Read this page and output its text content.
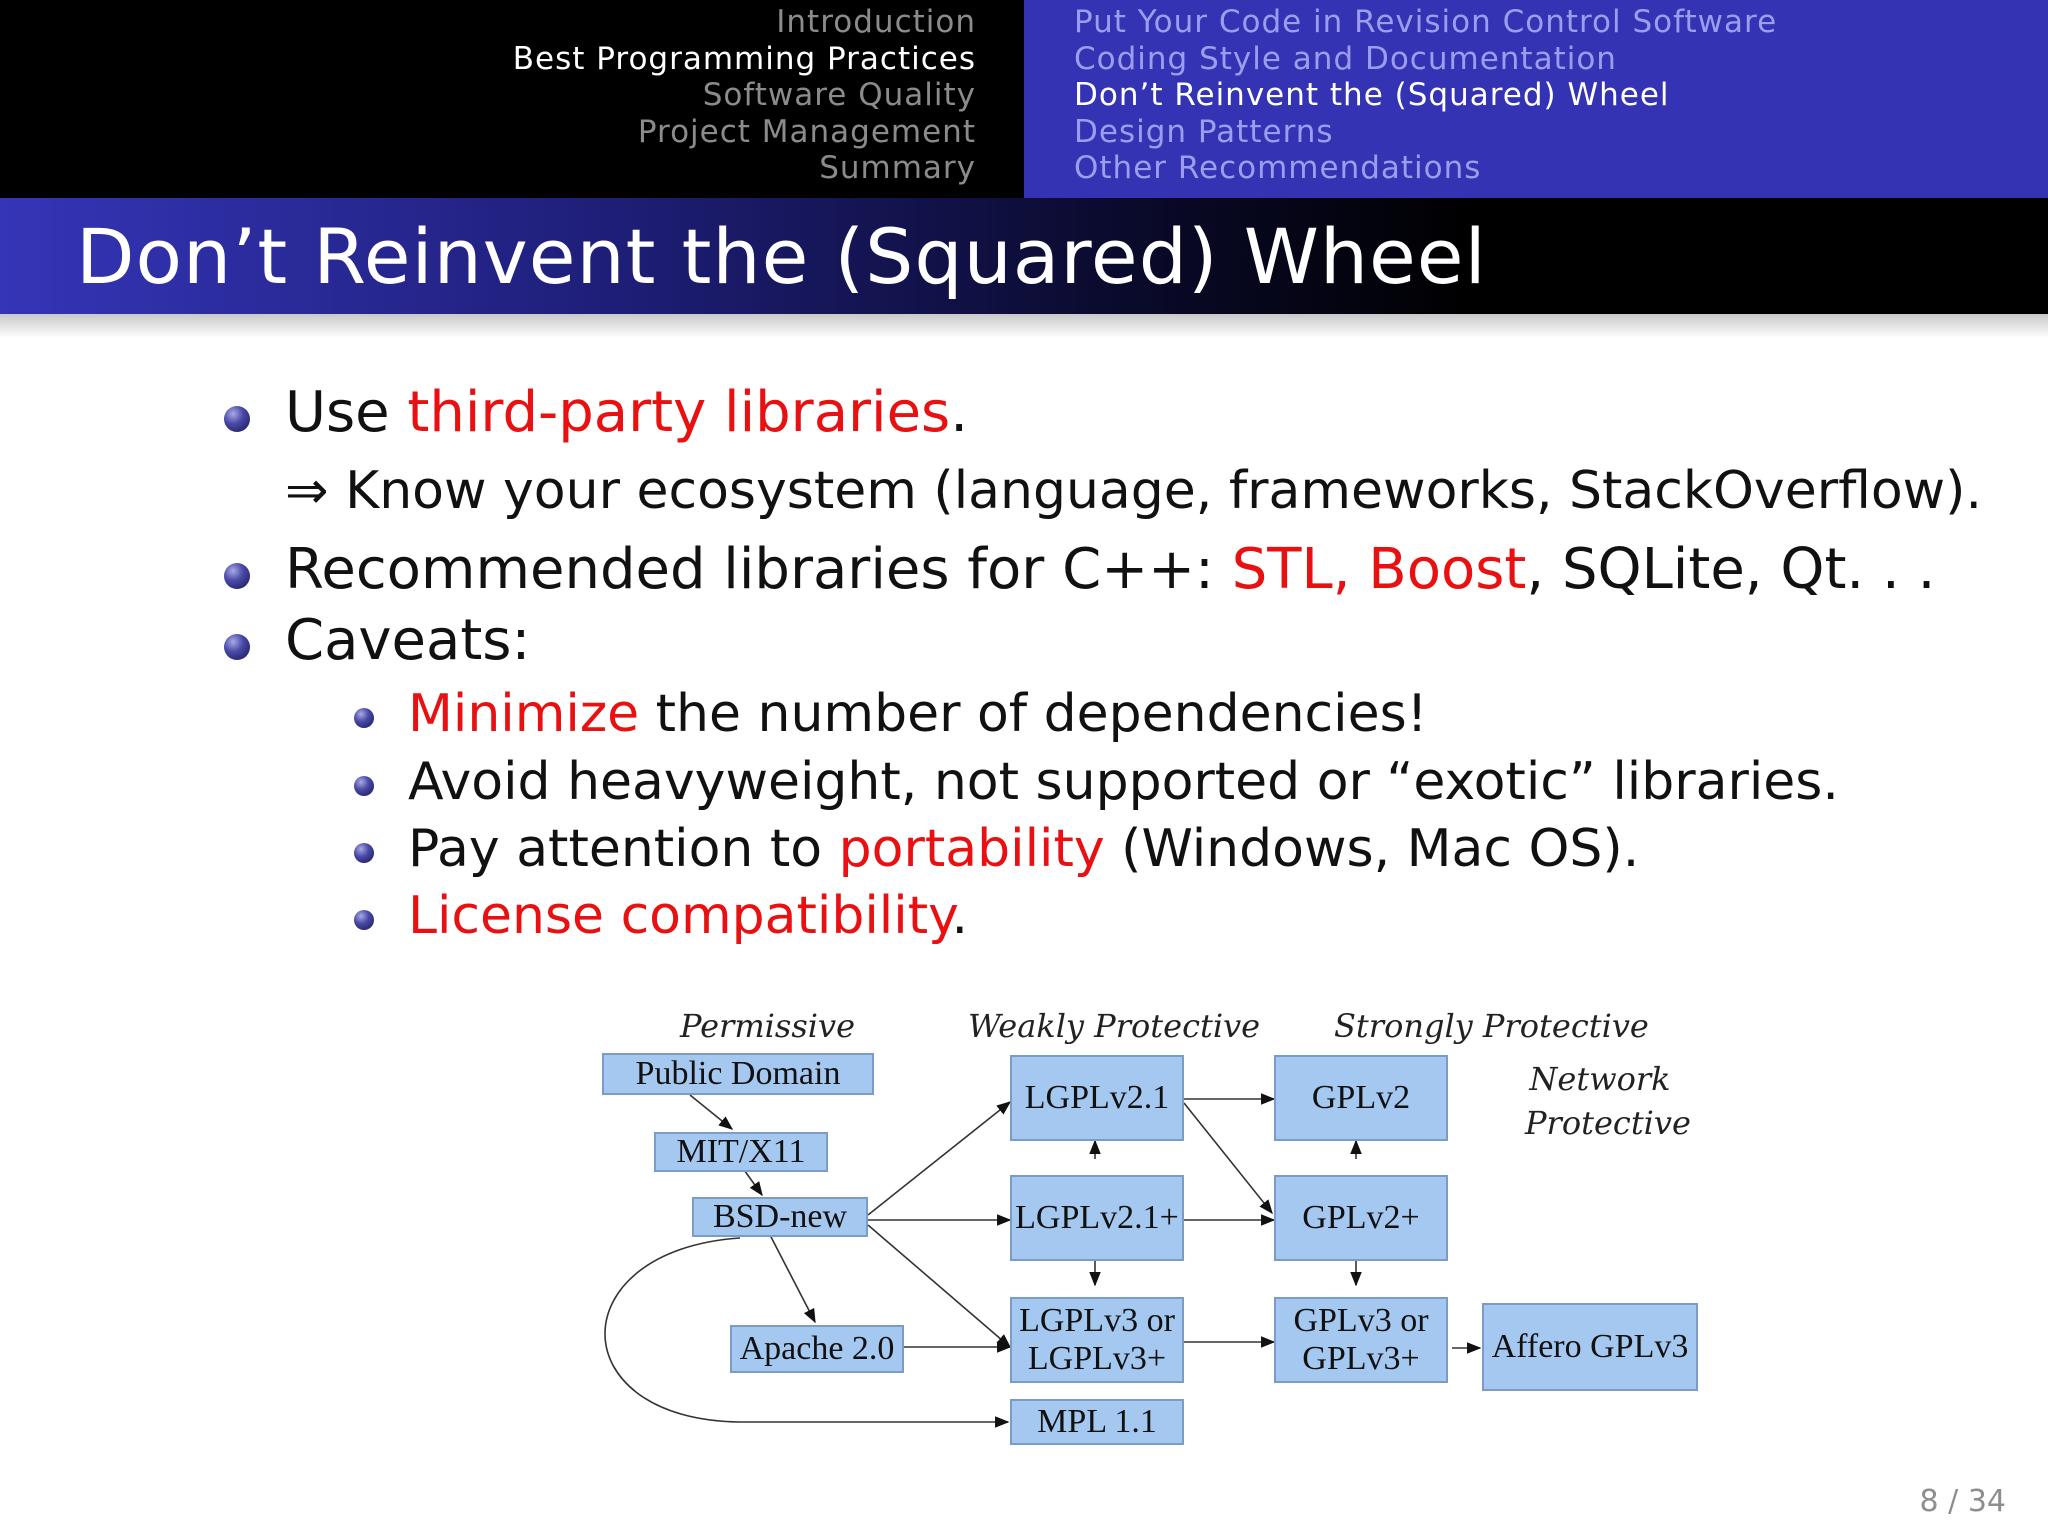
Introduction
Best Programming Practices
Software Quality
Project Management
Summary
Put Your Code in Revision Control Software
Coding Style and Documentation
Don’t Reinvent the (Squared) Wheel
Design Patterns
Other Recommendations
Don’t Reinvent the (Squared) Wheel
Use third-party libraries.
⇒ Know your ecosystem (language, frameworks, StackOverflow).
Recommended libraries for C++: STL, Boost, SQLite, Qt. . .
Caveats:
Minimize the number of dependencies!
Avoid heavyweight, not supported or “exotic” libraries.
Pay attention to portability (Windows, Mac OS).
License compatibility.
Permissive	Weakly Protective Strongly Protective
Network
Protective
Public Domain
MIT/X11
BSD-new
Apache 2.0
LGPLv2.1
LGPLv2.1+
LGPLv3 or
LGPLv3+
MPL 1.1
GPLv2
GPLv2+
GPLv3 or
GPLv3+ Affero GPLv3
8 / 34
